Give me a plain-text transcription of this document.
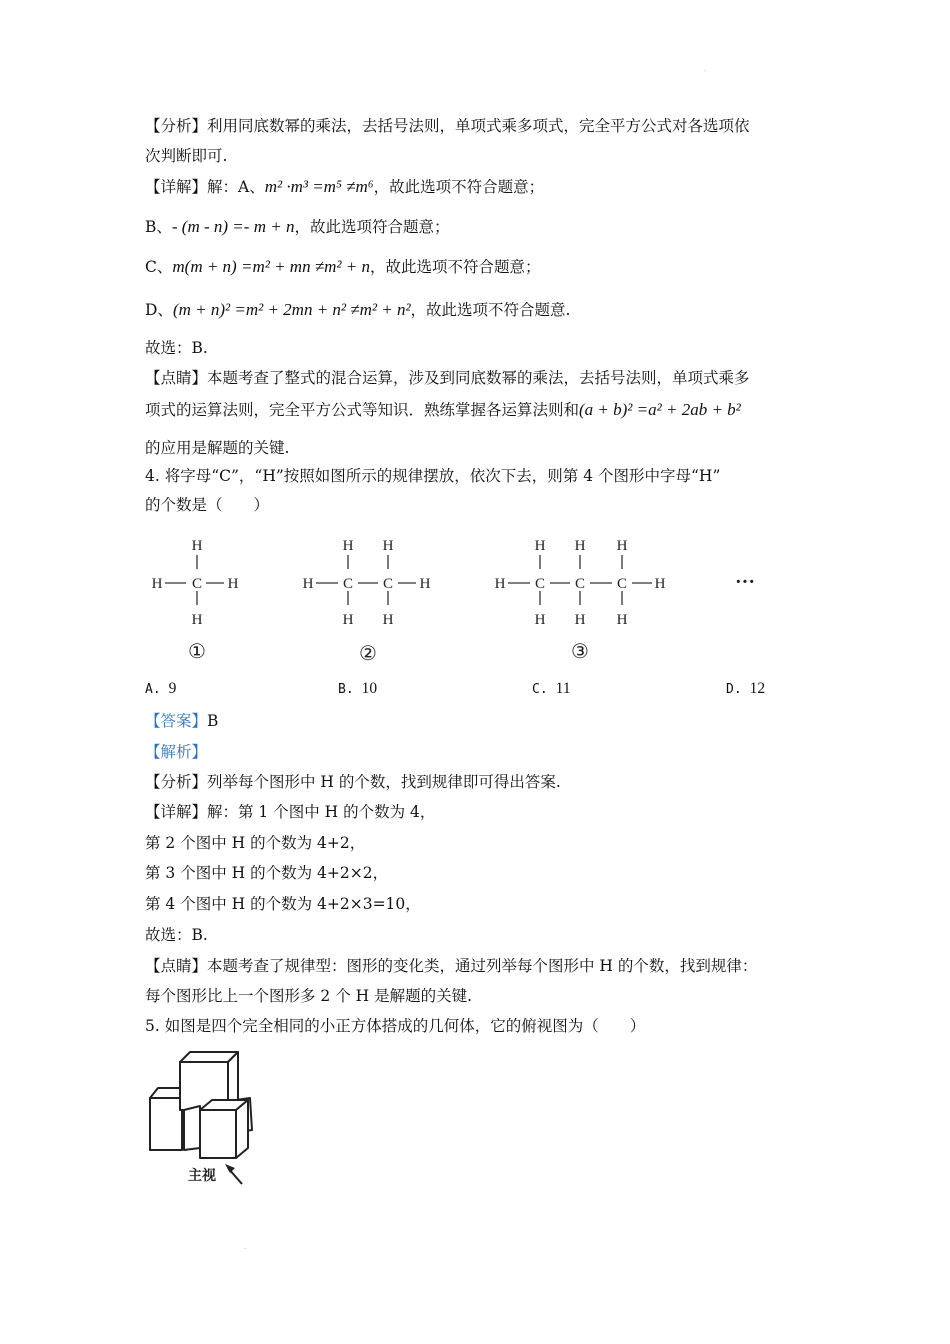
.
【分析】利用同底数幂的乘法，去括号法则，单项式乘多项式，完全平方公式对各选项依
次判断即可.
【详解】解：A、m² ·m³ =m⁵ ≠m⁶，故此选项不符合题意；
B、- (m - n) =- m + n，故此选项符合题意；
C、m(m + n) =m² + mn ≠m² + n，故此选项不符合题意；
D、(m + n)² =m² + 2mn + n² ≠m² + n²，故此选项不符合题意.
故选：B.
【点睛】本题考查了整式的混合运算，涉及到同底数幂的乘法，去括号法则，单项式乘多
项式的运算法则，完全平方公式等知识．熟练掌握各运算法则和(a + b)² =a² + 2ab + b²
的应用是解题的关键.
4. 将字母“C”，“H”按照如图所示的规律摆放，依次下去，则第 4 个图形中字母“H”
的个数是（　　）
H
C
H	H
H
H H
H C C H
H H
H H H
H C C C H
H H H
①	②	③
···
A. 9	B. 10	C. 11	D. 12
【答案】B
【解析】
【分析】列举每个图形中 H 的个数，找到规律即可得出答案.
【详解】解：第 1 个图中 H 的个数为 4，
第 2 个图中 H 的个数为 4+2，
第 3 个图中 H 的个数为 4+2×2，
第 4 个图中 H 的个数为 4+2×3=10，
故选：B.
【点睛】本题考查了规律型：图形的变化类，通过列举每个图形中 H 的个数，找到规律：
每个图形比上一个图形多 2 个 H 是解题的关键.
5. 如图是四个完全相同的小正方体搭成的几何体，它的俯视图为（　　）
主视
.
